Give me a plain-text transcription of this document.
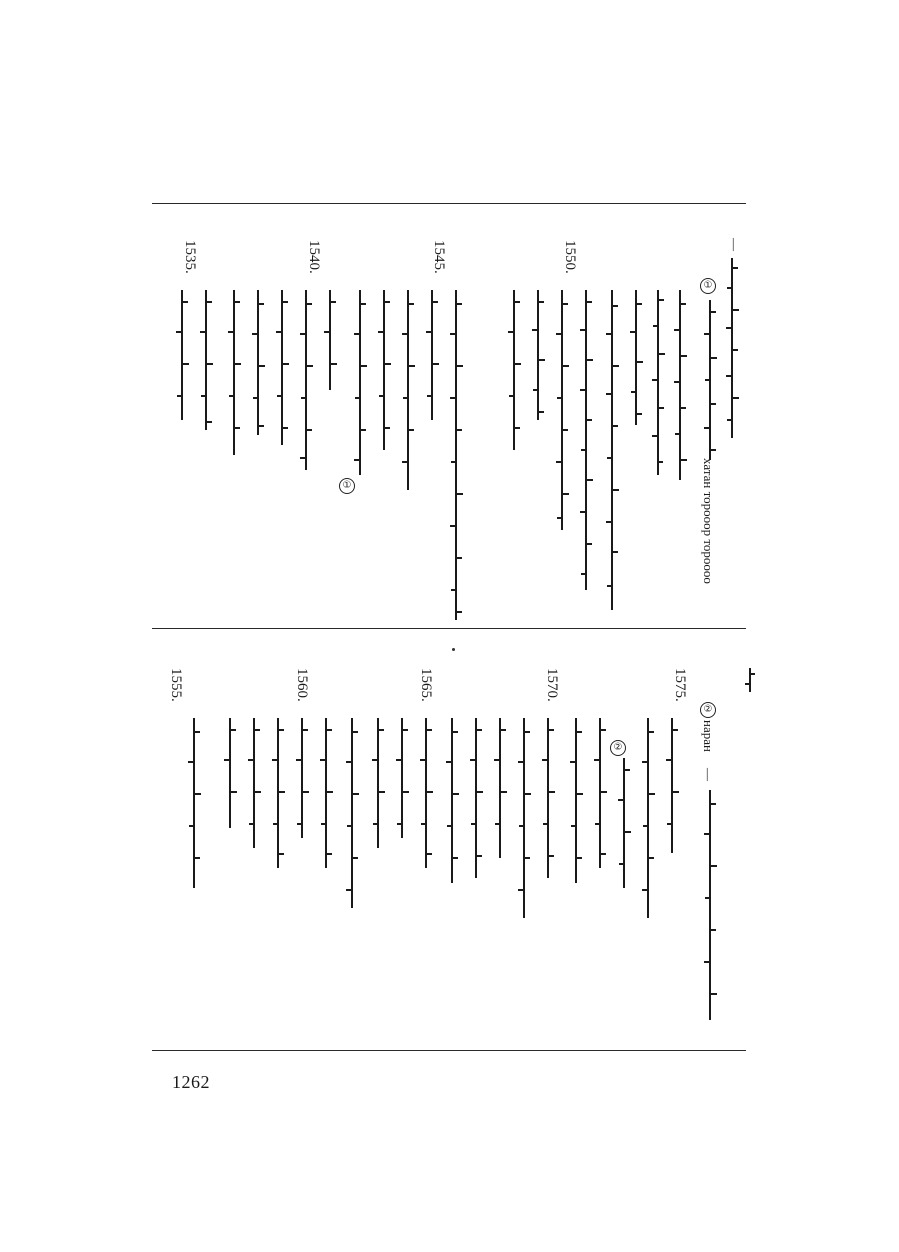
—
①
хатан торооор тороооо
1550.
1545.
1540.
1535.
①
②
наран
—
1575.
1570.
1565.
1560.
1555.
②
1262
